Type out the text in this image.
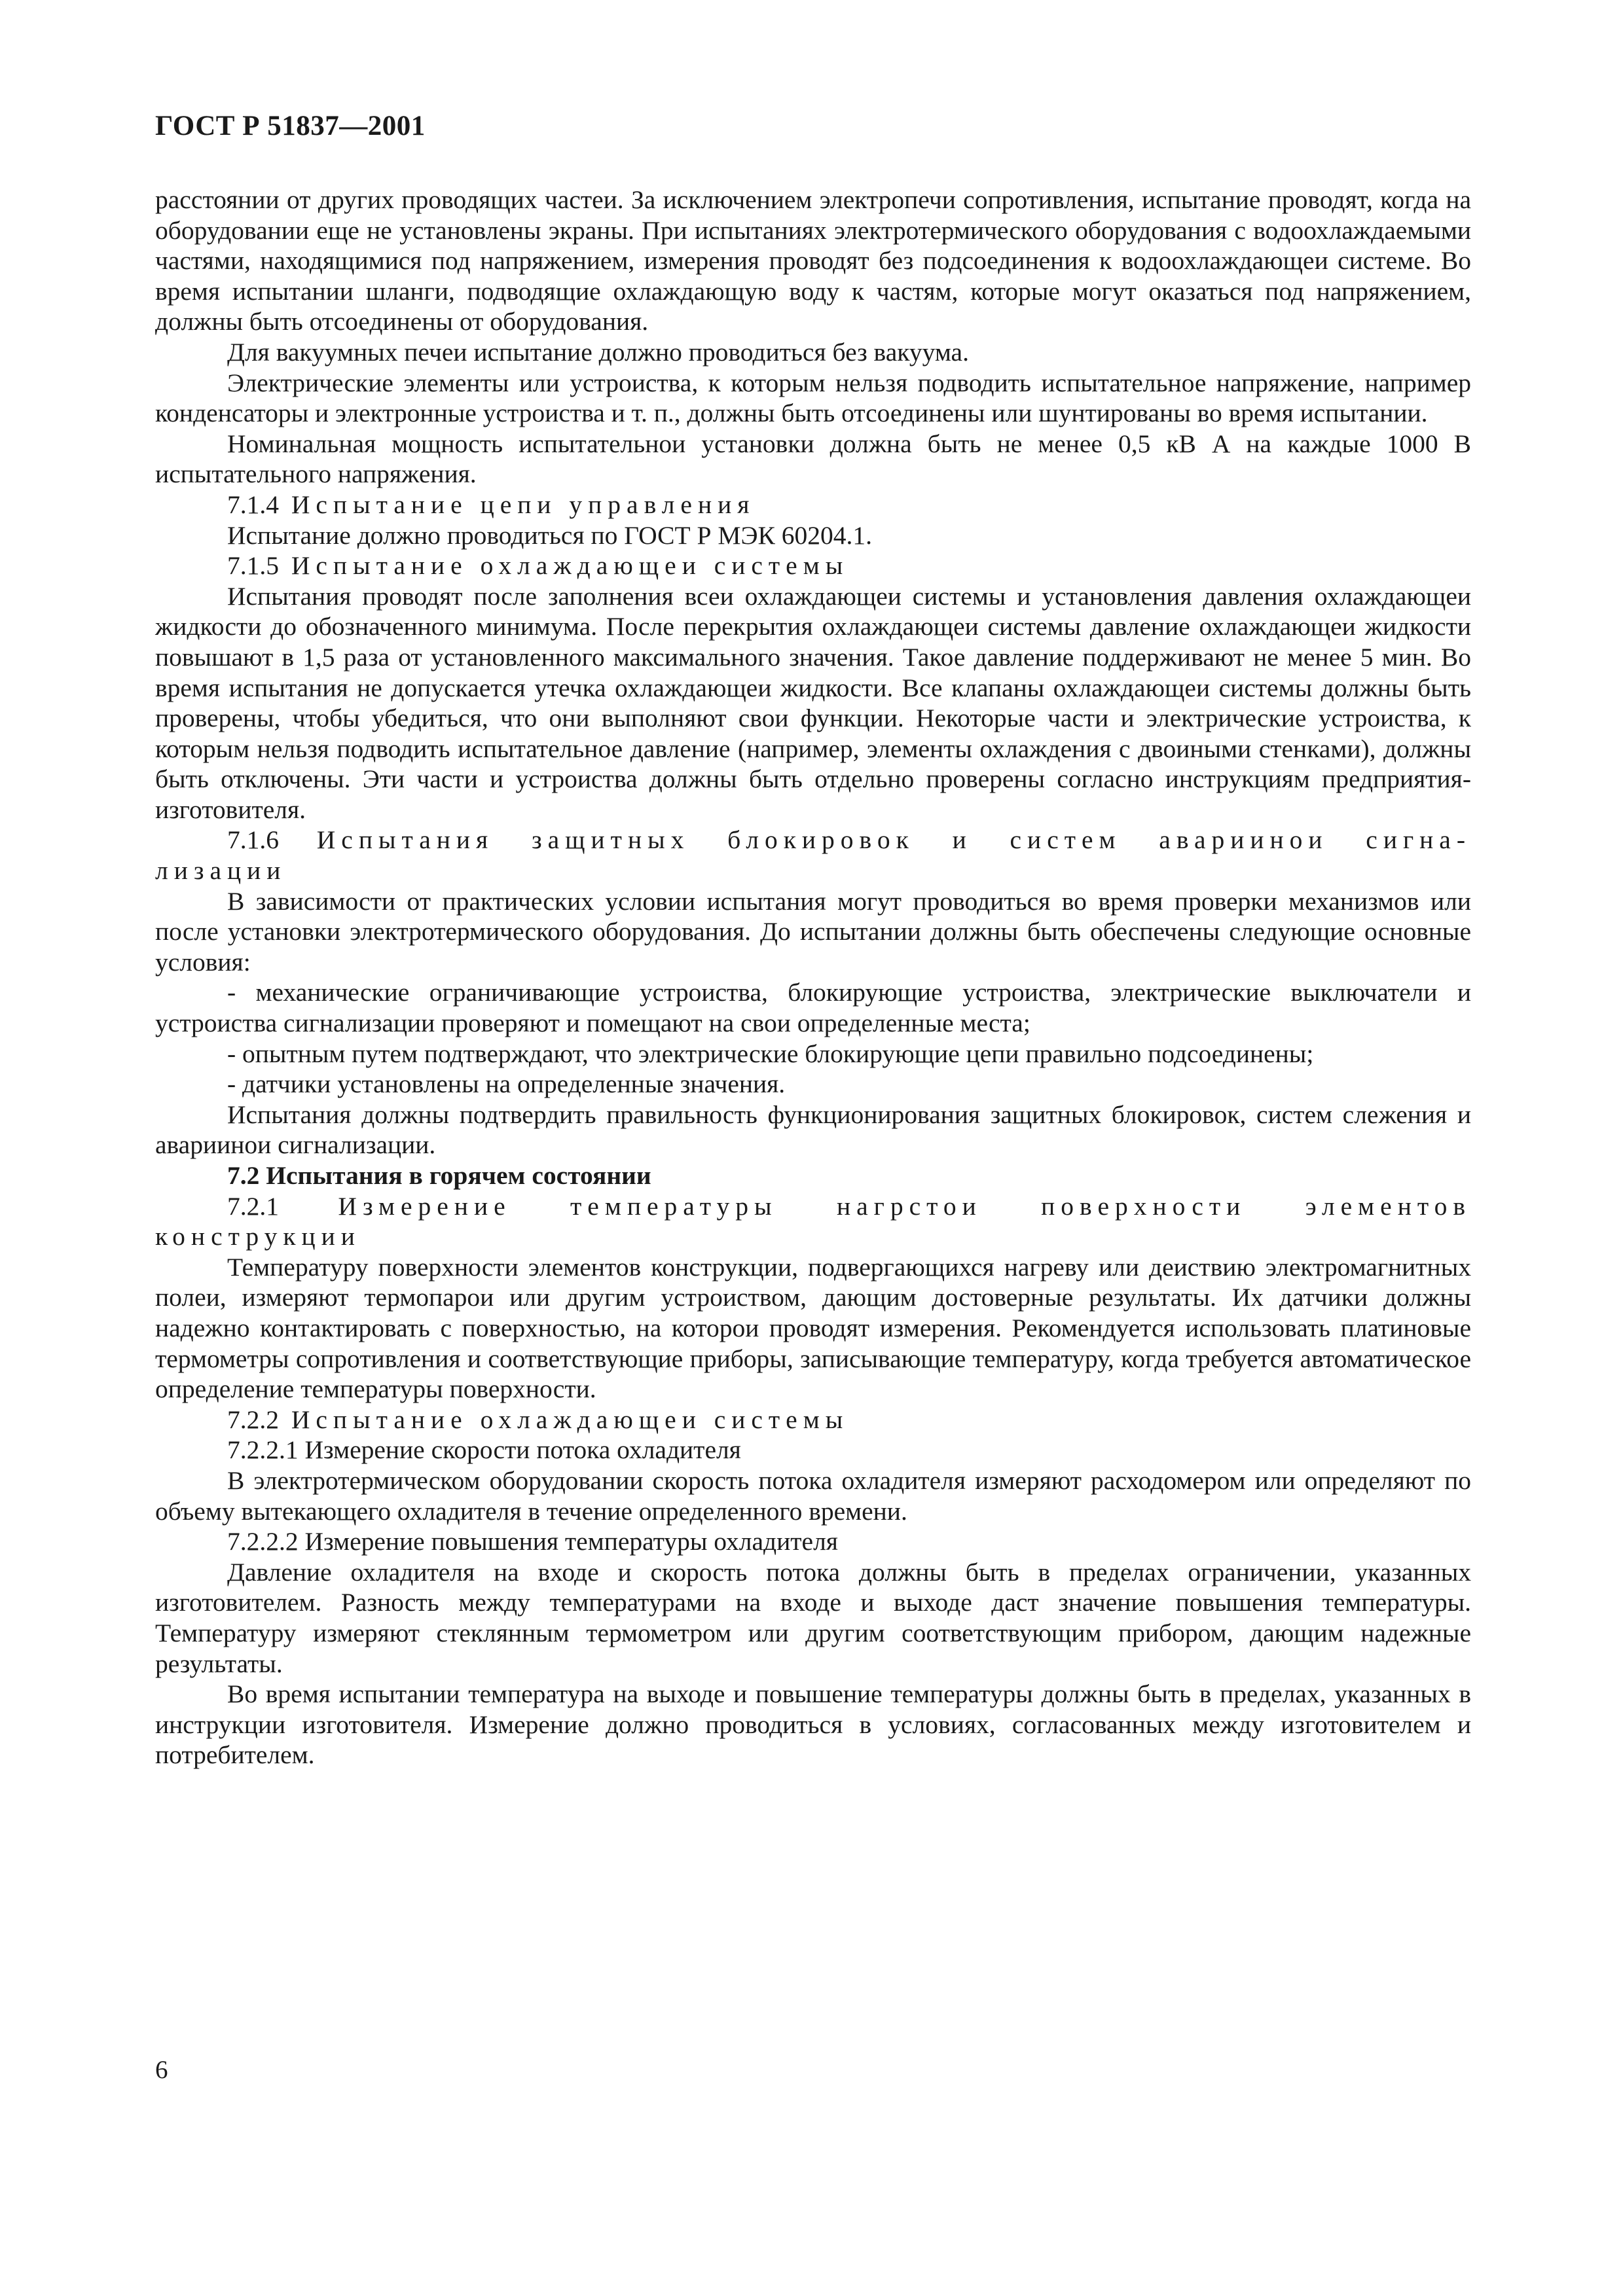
ГОСТ Р 51837—2001

расстоянии от других проводящих частеи. За исключением электропечи сопротивления, испытание проводят, когда на оборудовании еще не установлены экраны. При испытаниях электротермического оборудования с водоохлаждаемыми частями, находящимися под напряжением, измерения проводят без подсоединения к водоохлаждающеи системе. Во время испытании шланги, подводящие охлаждающую воду к частям, которые могут оказаться под напряжением, должны быть отсоединены от оборудования.

Для вакуумных печеи испытание должно проводиться без вакуума.

Электрические элементы или устроиства, к которым нельзя подводить испытательное напряжение, например конденсаторы и электронные устроиства и т. п., должны быть отсоединены или шунтированы во время испытании.

Номинальная мощность испытательнои установки должна быть не менее 0,5 кВ А на каждые 1000 В испытательного напряжения.

7.1.4 Испытание цепи управления

Испытание должно проводиться по ГОСТ Р МЭК 60204.1.

7.1.5 Испытание охлаждающеи системы

Испытания проводят после заполнения всеи охлаждающеи системы и установления давления охлаждающеи жидкости до обозначенного минимума. После перекрытия охлаждающеи системы давление охлаждающеи жидкости повышают в 1,5 раза от установленного максимального значения. Такое давление поддерживают не менее 5 мин. Во время испытания не допускается утечка охлаждающеи жидкости. Все клапаны охлаждающеи системы должны быть проверены, чтобы убедиться, что они выполняют свои функции. Некоторые части и электрические устроиства, к которым нельзя подводить испытательное давление (например, элементы охлаждения с двоиными стенками), должны быть отключены. Эти части и устроиства должны быть отдельно проверены согласно инструкциям предприятия-изготовителя.

7.1.6 Испытания защитных блокировок и систем авариинои сигна-

лизации

В зависимости от практических условии испытания могут проводиться во время проверки механизмов или после установки электротермического оборудования. До испытании должны быть обеспечены следующие основные условия:

- механические ограничивающие устроиства, блокирующие устроиства, электрические выключатели и устроиства сигнализации проверяют и помещают на свои определенные места;

- опытным путем подтверждают, что электрические блокирующие цепи правильно подсоединены;

- датчики установлены на определенные значения.

Испытания должны подтвердить правильность функционирования защитных блокировок, систем слежения и авариинои сигнализации.

7.2 Испытания в горячем состоянии

7.2.1 Измерение температуры нагрстои поверхности элементов

конструкции

Температуру поверхности элементов конструкции, подвергающихся нагреву или деиствию электромагнитных полеи, измеряют термопарои или другим устроиством, дающим достоверные результаты. Их датчики должны надежно контактировать с поверхностью, на которои проводят измерения. Рекомендуется использовать платиновые термометры сопротивления и соответствующие приборы, записывающие температуру, когда требуется автоматическое определение температуры поверхности.

7.2.2 Испытание охлаждающеи системы

7.2.2.1 Измерение скорости потока охладителя

В электротермическом оборудовании скорость потока охладителя измеряют расходомером или определяют по объему вытекающего охладителя в течение определенного времени.

7.2.2.2 Измерение повышения температуры охладителя

Давление охладителя на входе и скорость потока должны быть в пределах ограничении, указанных изготовителем. Разность между температурами на входе и выходе даст значение повышения температуры. Температуру измеряют стеклянным термометром или другим соответствующим прибором, дающим надежные результаты.

Во время испытании температура на выходе и повышение температуры должны быть в пределах, указанных в инструкции изготовителя. Измерение должно проводиться в условиях, согласованных между изготовителем и потребителем.

6
